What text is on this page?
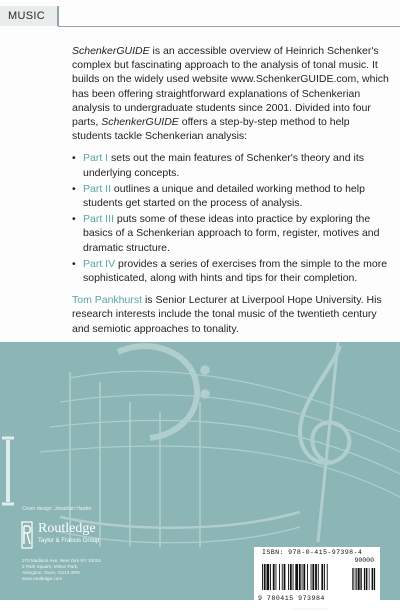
MUSIC

SchenkerGUIDE is an accessible overview of Heinrich Schenker's complex but fascinating approach to the analysis of tonal music. It builds on the widely used website www.SchenkerGUIDE.com, which has been offering straightforward explanations of Schenkerian analysis to undergraduate students since 2001. Divided into four parts, SchenkerGUIDE offers a step-by-step method to help students tackle Schenkerian analysis:

• Part I sets out the main features of Schenker's theory and its underlying concepts.
• Part II outlines a unique and detailed working method to help students get started on the process of analysis.
• Part III puts some of these ideas into practice by exploring the basics of a Schenkerian approach to form, register, motives and dramatic structure.
• Part IV provides a series of exercises from the simple to the more sophisticated, along with hints and tips for their completion.

Tom Pankhurst is Senior Lecturer at Liverpool Hope University. His research interests include the tonal music of the twentieth century and semiotic approaches to tonality.

Cover design: Jonathan Harder
Routledge
Taylor & Francis Group
270 Madison Ave, New York NY 10016
2 Park Square, Milton Park,
Abingdon, Oxon, OX14 4RN
www.routledge.com
ISBN: 978-0-415-97398-4
90000
9 780415 973984
an informa business
